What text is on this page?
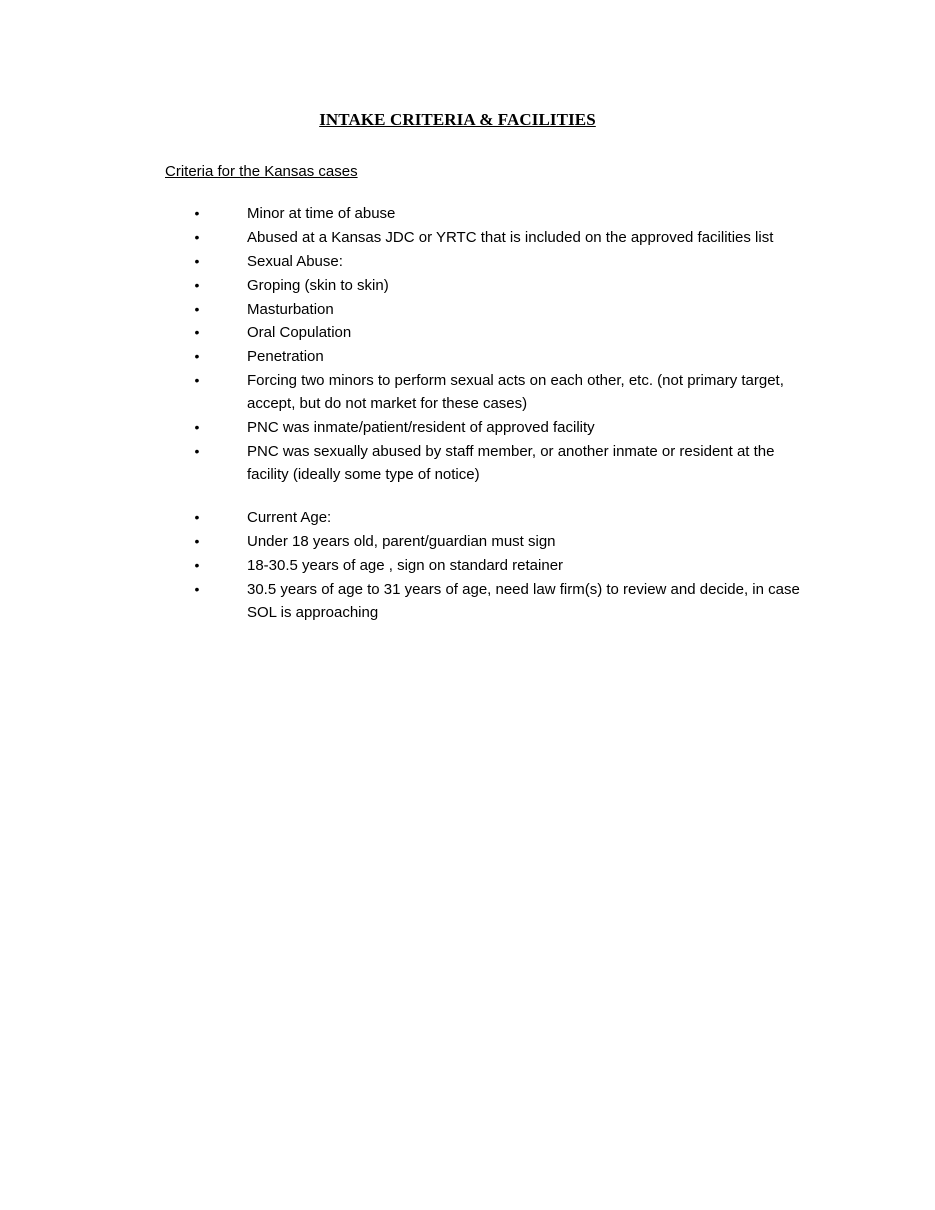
INTAKE CRITERIA & FACILITIES
Criteria for the Kansas cases
•	Minor at time of abuse
•	Abused at a Kansas JDC or YRTC that is included on the approved facilities list
•	Sexual Abuse:
•	Groping (skin to skin)
•	Masturbation
•	Oral Copulation
•	Penetration
•	Forcing two minors to perform sexual acts on each other, etc. (not primary target, accept, but do not market for these cases)
•	PNC was inmate/patient/resident of approved facility
•	PNC was sexually abused by staff member, or another inmate or resident at the facility (ideally some type of notice)
•	Current Age:
•	Under 18 years old, parent/guardian must sign
•	18-30.5 years of age , sign on standard retainer
•	30.5 years of age to 31 years of age, need law firm(s) to review and decide, in case SOL is approaching
